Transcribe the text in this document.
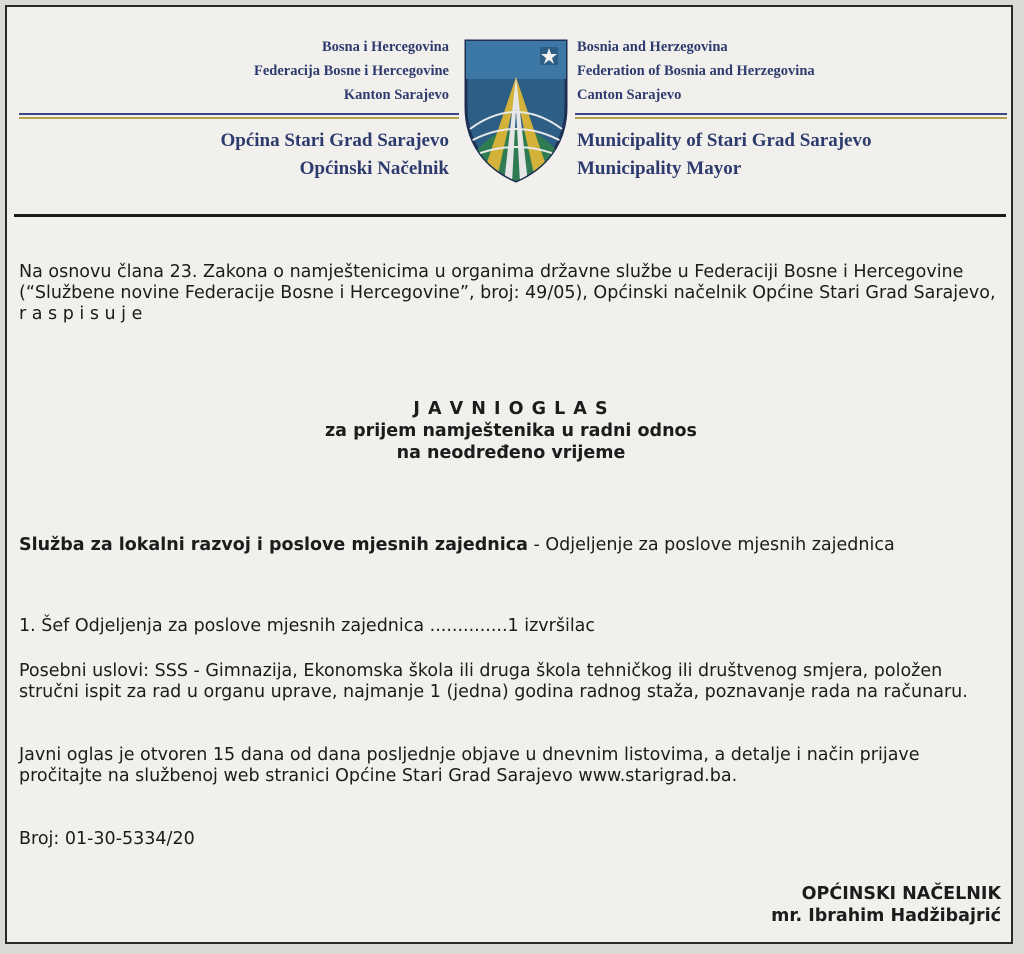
Bosna i Hercegovina
Federacija Bosne i Hercegovine
Kanton Sarajevo
Bosnia and Herzegovina
Federation of Bosnia and Herzegovina
Canton Sarajevo
Općina Stari Grad Sarajevo
Općinski Načelnik
Municipality of Stari Grad Sarajevo
Municipality Mayor
Na osnovu člana 23. Zakona o namještenicima u organima državne službe u Federaciji Bosne i Hercegovine (“Službene novine Federacije Bosne i Hercegovine”, broj: 49/05), Općinski načelnik Općine Stari Grad Sarajevo, r a s p i s u j e
J A V N I O G L A S
za prijem namještenika u radni odnos
na neodređeno vrijeme
Služba za lokalni razvoj i poslove mjesnih zajednica - Odjeljenje za poslove mjesnih zajednica
1. Šef Odjeljenja za poslove mjesnih zajednica ..............1 izvršilac
Posebni uslovi: SSS - Gimnazija, Ekonomska škola ili druga škola tehničkog ili društvenog smjera, položen stručni ispit za rad u organu uprave, najmanje 1 (jedna) godina radnog staža, poznavanje rada na računaru.
Javni oglas je otvoren 15 dana od dana posljednje objave u dnevnim listovima, a detalje i način prijave pročitajte na službenoj web stranici Općine Stari Grad Sarajevo www.starigrad.ba.
Broj: 01-30-5334/20
OPĆINSKI NAČELNIK
mr. Ibrahim Hadžibajrić
